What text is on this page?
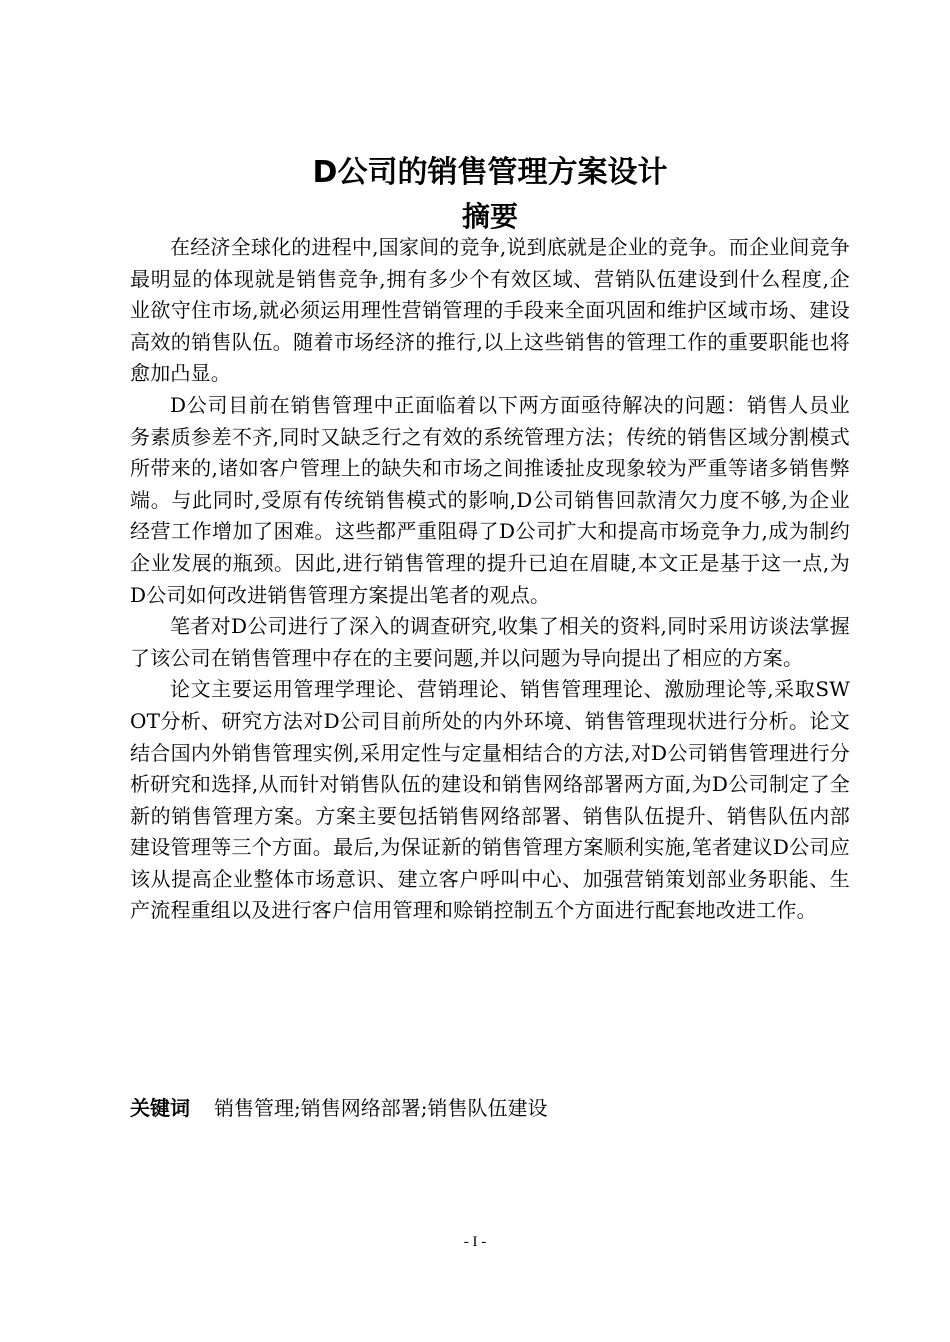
D公司的销售管理方案设计
摘要

在经济全球化的进程中,国家间的竞争,说到底就是企业的竞争。而企业间竞争最明显的体现就是销售竞争,拥有多少个有效区域、营销队伍建设到什么程度,企业欲守住市场,就必须运用理性营销管理的手段来全面巩固和维护区域市场、建设高效的销售队伍。随着市场经济的推行,以上这些销售的管理工作的重要职能也将愈加凸显。

D公司目前在销售管理中正面临着以下两方面亟待解决的问题：销售人员业务素质参差不齐,同时又缺乏行之有效的系统管理方法；传统的销售区域分割模式所带来的,诸如客户管理上的缺失和市场之间推诿扯皮现象较为严重等诸多销售弊端。与此同时,受原有传统销售模式的影响,D公司销售回款清欠力度不够,为企业经营工作增加了困难。这些都严重阻碍了D公司扩大和提高市场竞争力,成为制约企业发展的瓶颈。因此,进行销售管理的提升已迫在眉睫,本文正是基于这一点,为D公司如何改进销售管理方案提出笔者的观点。

笔者对D公司进行了深入的调查研究,收集了相关的资料,同时采用访谈法掌握了该公司在销售管理中存在的主要问题,并以问题为导向提出了相应的方案。

论文主要运用管理学理论、营销理论、销售管理理论、激励理论等,采取SWOT分析、研究方法对D公司目前所处的内外环境、销售管理现状进行分析。论文结合国内外销售管理实例,采用定性与定量相结合的方法,对D公司销售管理进行分析研究和选择,从而针对销售队伍的建设和销售网络部署两方面,为D公司制定了全新的销售管理方案。方案主要包括销售网络部署、销售队伍提升、销售队伍内部建设管理等三个方面。最后,为保证新的销售管理方案顺利实施,笔者建议D公司应该从提高企业整体市场意识、建立客户呼叫中心、加强营销策划部业务职能、生产流程重组以及进行客户信用管理和赊销控制五个方面进行配套地改进工作。

关键词 销售管理;销售网络部署;销售队伍建设

- I -
